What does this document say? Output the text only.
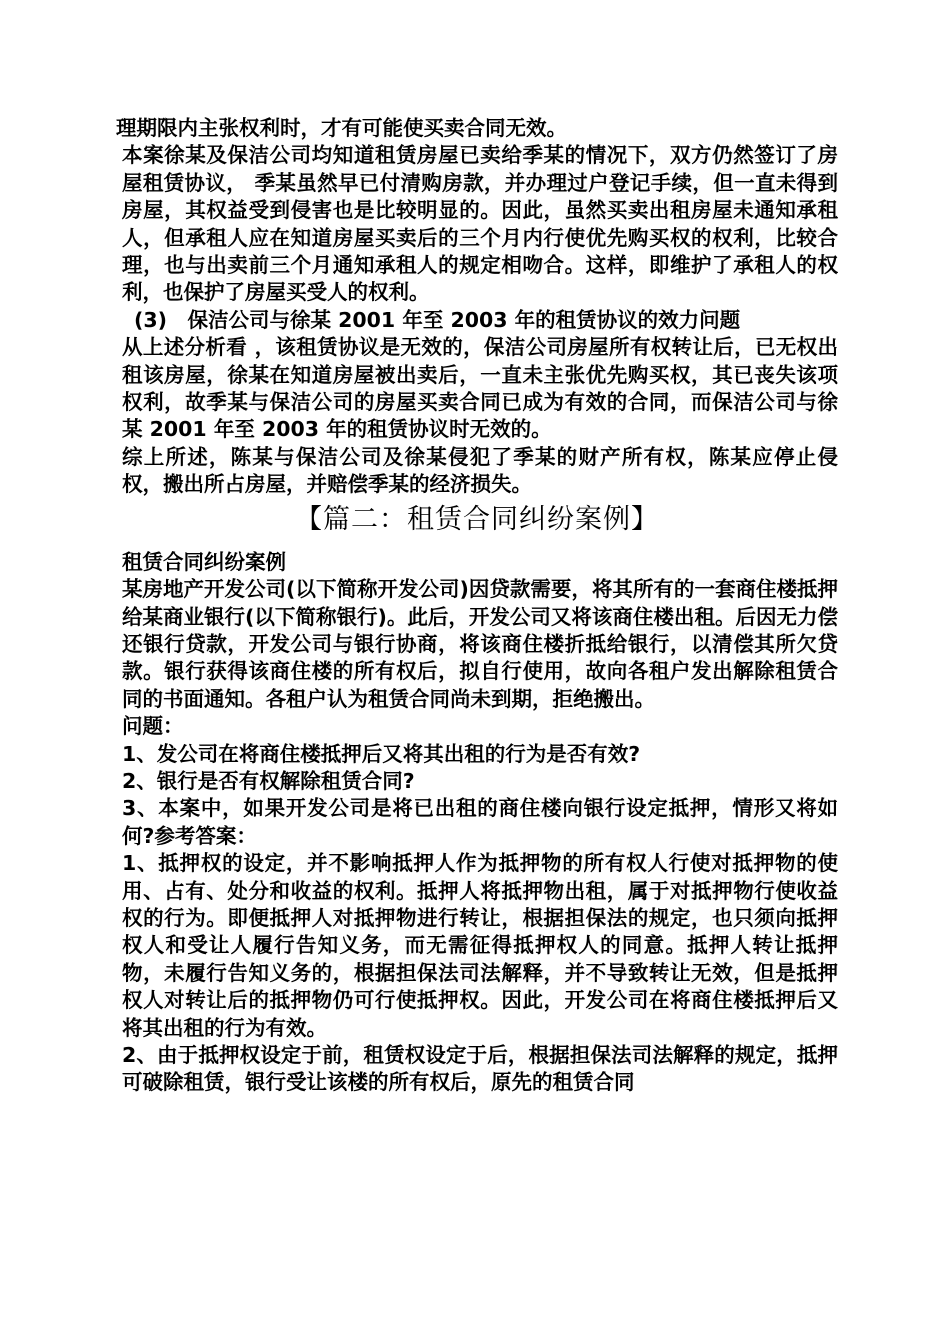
理期限内主张权利时，才有可能使买卖合同无效。

本案徐某及保洁公司均知道租赁房屋已卖给季某的情况下，双方仍然签订了房屋租赁协议， 季某虽然早已付清购房款，并办理过户登记手续，但一直未得到房屋，其权益受到侵害也是比较明显的。因此，虽然买卖出租房屋未通知承租人，但承租人应在知道房屋买卖后的三个月内行使优先购买权的权利，比较合理，也与出卖前三个月通知承租人的规定相吻合。这样，即维护了承租人的权利，也保护了房屋买受人的权利。

(3)　保洁公司与徐某 2001 年至 2003 年的租赁协议的效力问题

从上述分析看 ，该租赁协议是无效的，保洁公司房屋所有权转让后，已无权出租该房屋，徐某在知道房屋被出卖后，一直未主张优先购买权，其已丧失该项权利，故季某与保洁公司的房屋买卖合同已成为有效的合同，而保洁公司与徐某 2001 年至 2003 年的租赁协议时无效的。

综上所述，陈某与保洁公司及徐某侵犯了季某的财产所有权，陈某应停止侵权，搬出所占房屋，并赔偿季某的经济损失。

【篇二：租赁合同纠纷案例】

租赁合同纠纷案例

某房地产开发公司(以下简称开发公司)因贷款需要，将其所有的一套商住楼抵押给某商业银行(以下简称银行)。此后，开发公司又将该商住楼出租。后因无力偿还银行贷款，开发公司与银行协商，将该商住楼折抵给银行，以清偿其所欠贷款。银行获得该商住楼的所有权后，拟自行使用，故向各租户发出解除租赁合同的书面通知。各租户认为租赁合同尚未到期，拒绝搬出。

问题：

1、发公司在将商住楼抵押后又将其出租的行为是否有效?

2、银行是否有权解除租赁合同?

3、本案中，如果开发公司是将已出租的商住楼向银行设定抵押，情形又将如何?参考答案：

1、抵押权的设定，并不影响抵押人作为抵押物的所有权人行使对抵押物的使用、占有、处分和收益的权利。抵押人将抵押物出租，属于对抵押物行使收益权的行为。即便抵押人对抵押物进行转让，根据担保法的规定，也只须向抵押权人和受让人履行告知义务，而无需征得抵押权人的同意。抵押人转让抵押物，未履行告知义务的，根据担保法司法解释，并不导致转让无效，但是抵押权人对转让后的抵押物仍可行使抵押权。因此，开发公司在将商住楼抵押后又将其出租的行为有效。

2、由于抵押权设定于前，租赁权设定于后，根据担保法司法解释的规定，抵押可破除租赁，银行受让该楼的所有权后，原先的租赁合同
